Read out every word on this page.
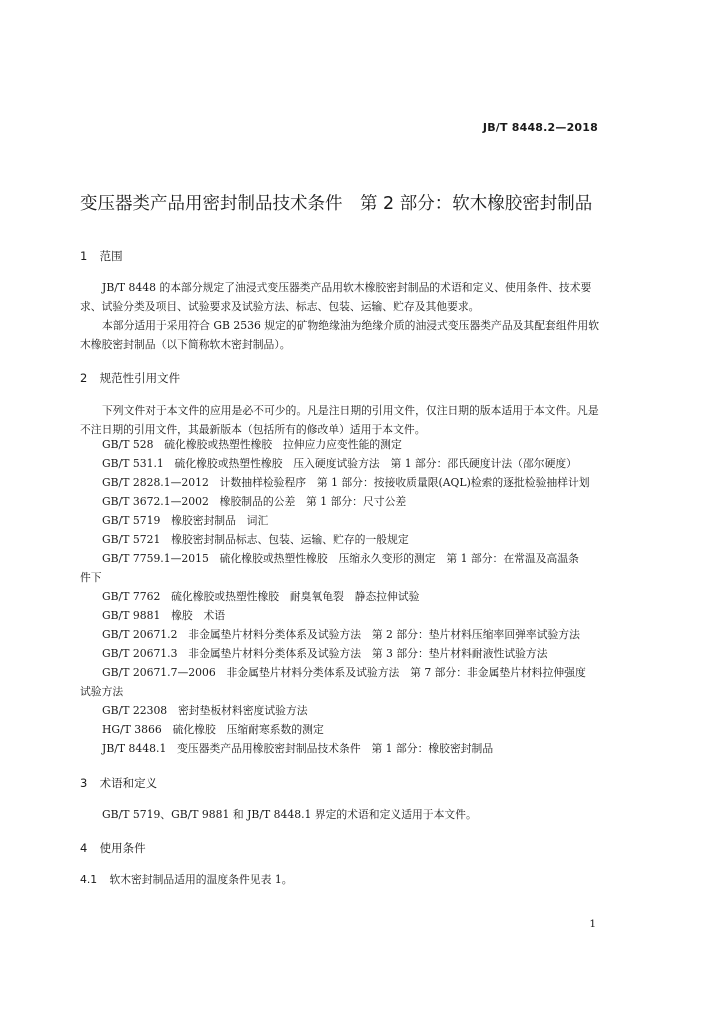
JB/T 8448.2—2018
变压器类产品用密封制品技术条件　第 2 部分：软木橡胶密封制品
1 范围
JB/T 8448 的本部分规定了油浸式变压器类产品用软木橡胶密封制品的术语和定义、使用条件、技术要求、试验分类及项目、试验要求及试验方法、标志、包装、运输、贮存及其他要求。
本部分适用于采用符合 GB 2536 规定的矿物绝缘油为绝缘介质的油浸式变压器类产品及其配套组件用软木橡胶密封制品（以下简称软木密封制品）。
2 规范性引用文件
下列文件对于本文件的应用是必不可少的。凡是注日期的引用文件，仅注日期的版本适用于本文件。凡是不注日期的引用文件，其最新版本（包括所有的修改单）适用于本文件。
GB/T 528　硫化橡胶或热塑性橡胶　拉伸应力应变性能的测定
GB/T 531.1　硫化橡胶或热塑性橡胶　压入硬度试验方法　第 1 部分：邵氏硬度计法（邵尔硬度）
GB/T 2828.1—2012　计数抽样检验程序　第 1 部分：按接收质量限(AQL)检索的逐批检验抽样计划
GB/T 3672.1—2002　橡胶制品的公差　第 1 部分：尺寸公差
GB/T 5719　橡胶密封制品　词汇
GB/T 5721　橡胶密封制品标志、包装、运输、贮存的一般规定
GB/T 7759.1—2015　硫化橡胶或热塑性橡胶　压缩永久变形的测定　第 1 部分：在常温及高温条
件下
GB/T 7762　硫化橡胶或热塑性橡胶　耐臭氧龟裂　静态拉伸试验
GB/T 9881　橡胶　术语
GB/T 20671.2　非金属垫片材料分类体系及试验方法　第 2 部分：垫片材料压缩率回弹率试验方法
GB/T 20671.3　非金属垫片材料分类体系及试验方法　第 3 部分：垫片材料耐液性试验方法
GB/T 20671.7—2006　非金属垫片材料分类体系及试验方法　第 7 部分：非金属垫片材料拉伸强度
试验方法
GB/T 22308　密封垫板材料密度试验方法
HG/T 3866　硫化橡胶　压缩耐寒系数的测定
JB/T 8448.1　变压器类产品用橡胶密封制品技术条件　第 1 部分：橡胶密封制品
3 术语和定义
GB/T 5719、GB/T 9881 和 JB/T 8448.1 界定的术语和定义适用于本文件。
4 使用条件
4.1 软木密封制品适用的温度条件见表 1。
1
